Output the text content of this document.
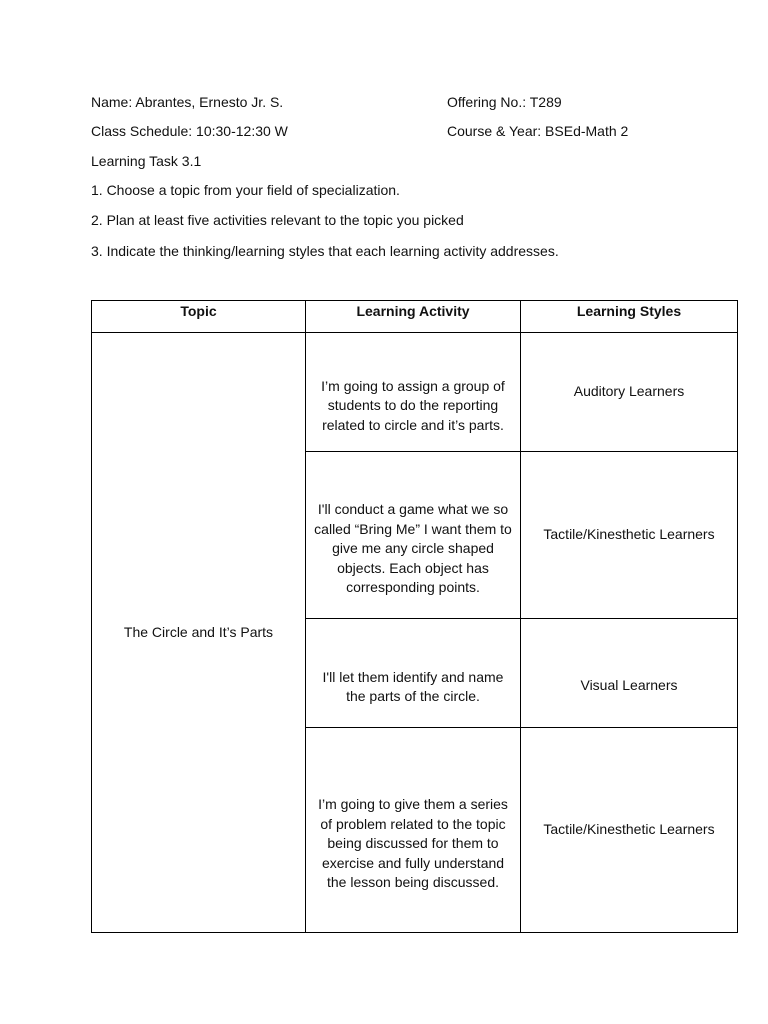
Name: Abrantes, Ernesto Jr. S.	Offering No.: T289
Class Schedule: 10:30-12:30 W	Course & Year: BSEd-Math 2
Learning Task 3.1
1. Choose a topic from your field of specialization.
2. Plan at least five activities relevant to the topic you picked
3. Indicate the thinking/learning styles that each learning activity addresses.
Topic	Learning Activity	Learning Styles
The Circle and It’s Parts	I’m going to assign a group of students to do the reporting related to circle and it’s parts.	Auditory Learners
	I'll conduct a game what we so called “Bring Me” I want them to give me any circle shaped objects. Each object has corresponding points.	Tactile/Kinesthetic Learners
	I'll let them identify and name the parts of the circle.	Visual Learners
	I’m going to give them a series of problem related to the topic being discussed for them to exercise and fully understand the lesson being discussed.	Tactile/Kinesthetic Learners
